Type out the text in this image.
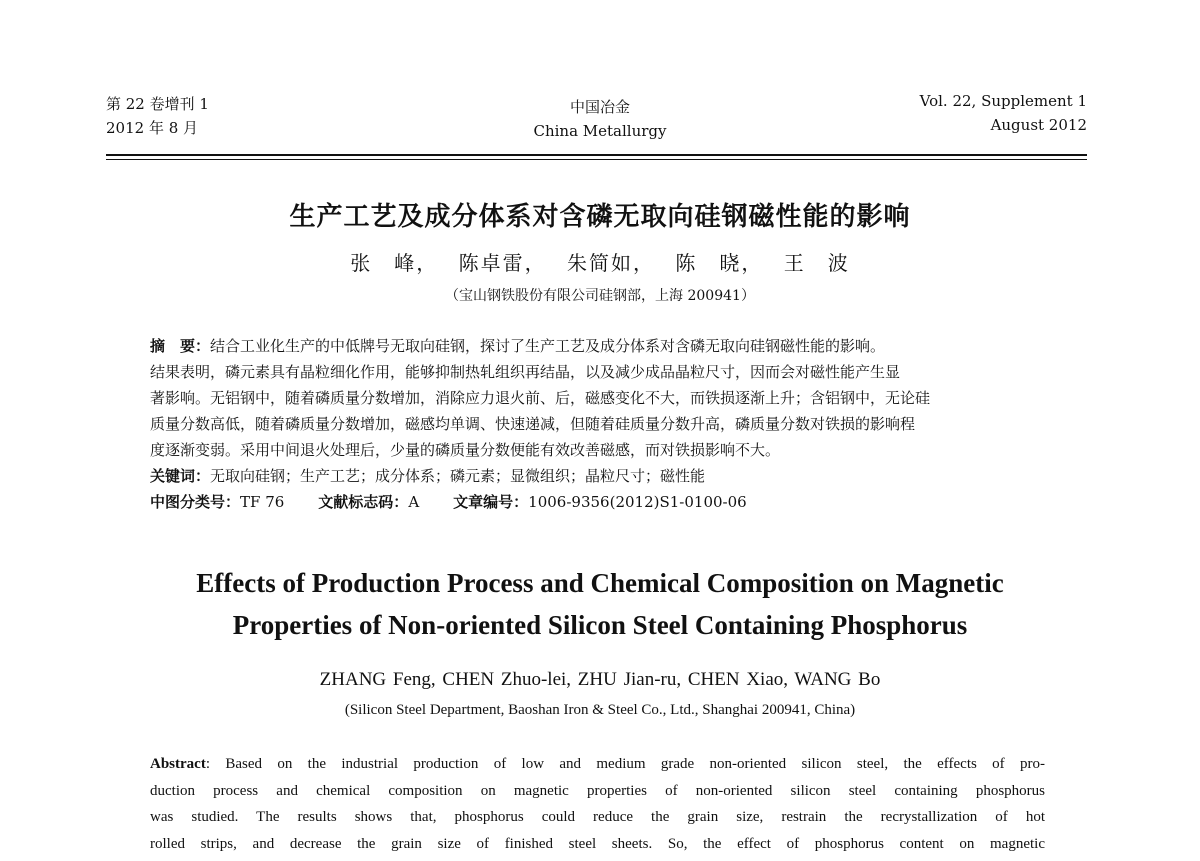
第 22 卷增刊 1
2012 年 8 月
中国冶金
China Metallurgy
Vol. 22, Supplement 1
August 2012
生产工艺及成分体系对含磷无取向硅钢磁性能的影响
张　峰， 陈卓雷， 朱简如， 陈　晓， 王　波
（宝山钢铁股份有限公司硅钢部，上海 200941）

摘　要：结合工业化生产的中低牌号无取向硅钢，探讨了生产工艺及成分体系对含磷无取向硅钢磁性能的影响。

结果表明，磷元素具有晶粒细化作用，能够抑制热轧组织再结晶，以及减少成品晶粒尺寸，因而会对磁性能产生显

著影响。无铝钢中，随着磷质量分数增加，消除应力退火前、后，磁感变化不大，而铁损逐渐上升；含铝钢中，无论硅

质量分数高低，随着磷质量分数增加，磁感均单调、快速递减，但随着硅质量分数升高，磷质量分数对铁损的影响程

度逐渐变弱。采用中间退火处理后，少量的磷质量分数便能有效改善磁感，而对铁损影响不大。

关键词：无取向硅钢；生产工艺；成分体系；磷元素；显微组织；晶粒尺寸；磁性能

中图分类号：TF 76 文献标志码：A 文章编号：1006-9356(2012)S1-0100-06

Effects of Production Process and Chemical Composition on Magnetic
Properties of Non-oriented Silicon Steel Containing Phosphorus
ZHANG Feng, CHEN Zhuo-lei, ZHU Jian-ru, CHEN Xiao, WANG Bo
(Silicon Steel Department, Baoshan Iron & Steel Co., Ltd., Shanghai 200941, China)
Abstract: Based on the industrial production of low and medium grade non-oriented silicon steel, the effects of pro-
duction process and chemical composition on magnetic properties of non-oriented silicon steel containing phosphorus
was studied. The results shows that, phosphorus could reduce the grain size, restrain the recrystallization of hot
rolled strips, and decrease the grain size of finished steel sheets. So, the effect of phosphorus content on magnetic
